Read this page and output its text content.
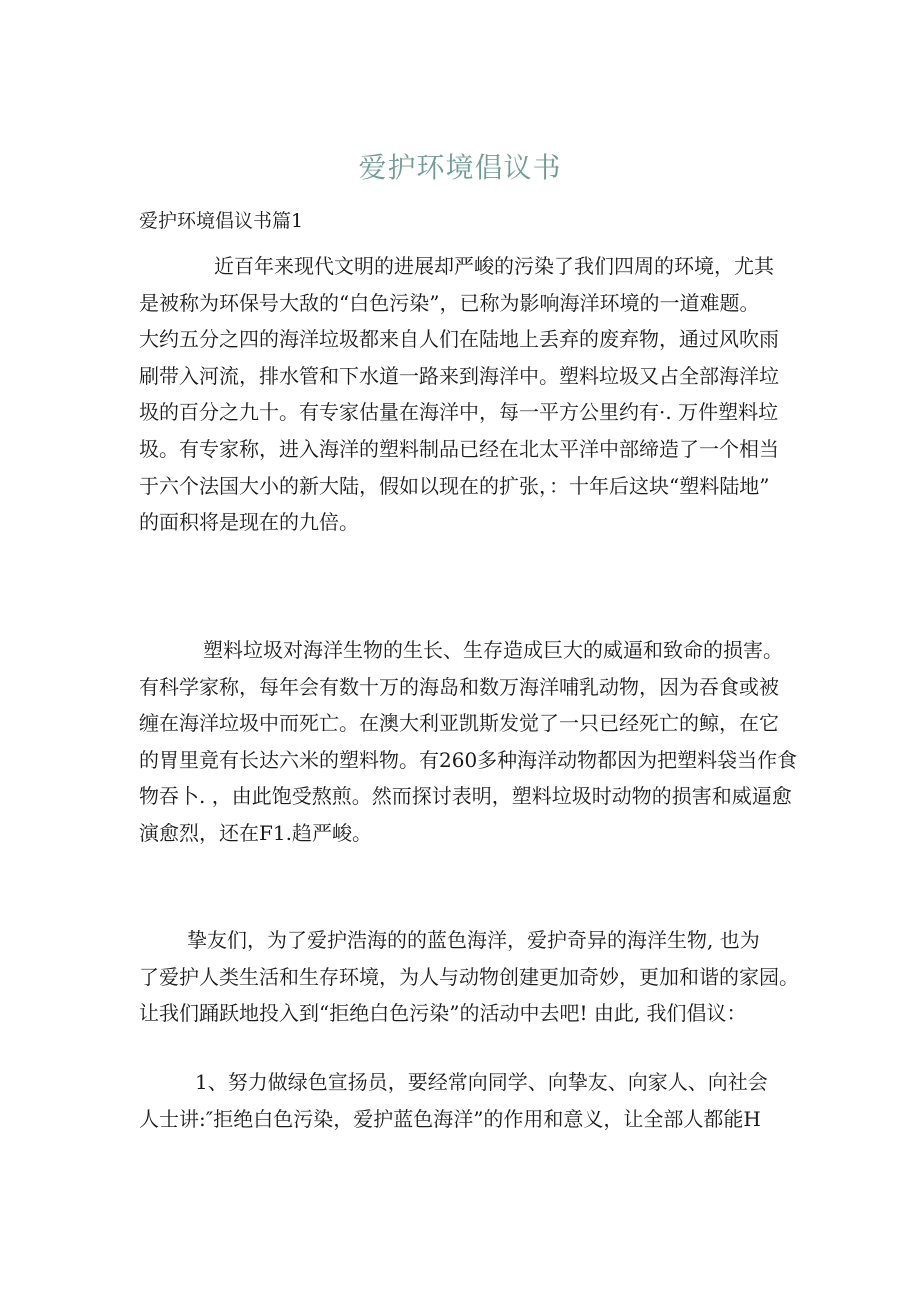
爱护环境倡议书
爱护环境倡议书篇1

近百年来现代文明的进展却严峻的污染了我们四周的环境，尤其
是被称为环保号大敌的“白色污染”，已称为影响海洋环境的一道难题。
大约五分之四的海洋垃圾都来自人们在陆地上丢弃的废弃物，通过风吹雨
刷带入河流，排水管和下水道一路来到海洋中。塑料垃圾又占全部海洋垃
圾的百分之九十。有专家估量在海洋中，每一平方公里约有·. 万件塑料垃
圾。有专家称，进入海洋的塑料制品已经在北太平洋中部缔造了一个相当
于六个法国大小的新大陆，假如以现在的扩张，：十年后这块“塑料陆地”
的面积将是现在的九倍。

塑料垃圾对海洋生物的生长、生存造成巨大的威逼和致命的损害。
有科学家称，每年会有数十万的海岛和数万海洋哺乳动物，因为吞食或被
缠在海洋垃圾中而死亡。在澳大利亚凯斯发觉了一只已经死亡的鲸，在它
的胃里竟有长达六米的塑料物。有260多种海洋动物都因为把塑料袋当作食
物吞卜. ，由此饱受熬煎。然而探讨表明，塑料垃圾时动物的损害和威逼愈
演愈烈，还在F1.趋严峻。

挚友们，为了爱护浩海的的蓝色海洋，爱护奇异的海洋生物, 也为
了爱护人类生活和生存环境，为人与动物创建更加奇妙，更加和谐的家园。
让我们踊跃地投入到“拒绝白色污染”的活动中去吧! 由此, 我们倡议：

1、努力做绿色宣扬员，要经常向同学、向挚友、向家人、向社会
人士讲:″拒绝白色污染，爱护蓝色海洋”的作用和意义，让全部人都能H
